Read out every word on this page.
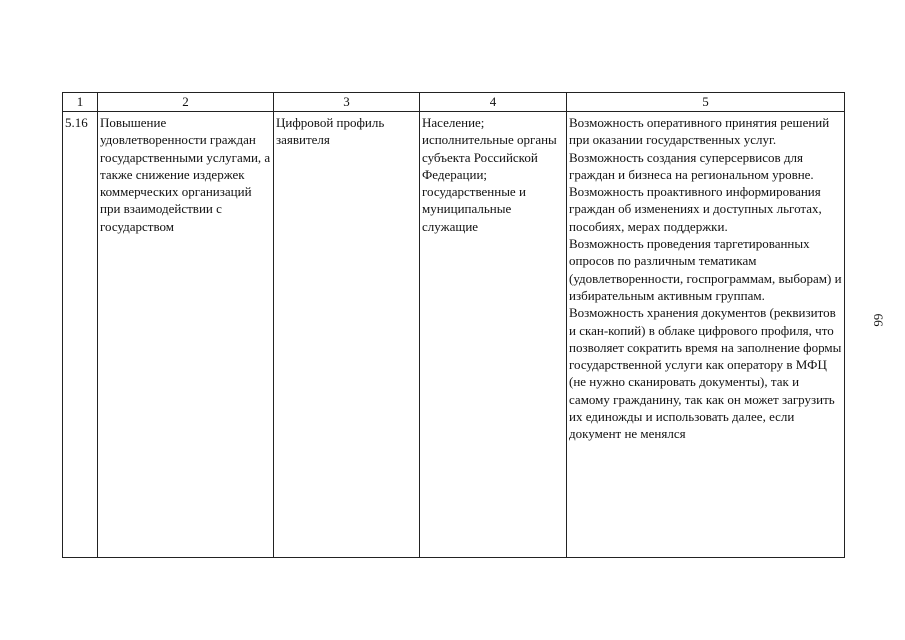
1	2	3	4	5
5.16	Повышение удовлетворенности граждан государственными услугами, а также снижение издержек коммерческих организаций при взаимодействии с государством	Цифровой профиль заявителя	Население; исполнительные органы субъекта Российской Федерации; государственные и муниципальные служащие	Возможность оперативного принятия решений при оказании государственных услуг.
Возможность создания суперсервисов для граждан и бизнеса на региональном уровне.
Возможность проактивного информирования граждан об изменениях и доступных льготах, пособиях, мерах поддержки.
Возможность проведения таргетированных опросов по различным тематикам (удовлетворенности, госпрограммам, выборам) и избирательным активным группам.
Возможность хранения документов (реквизитов и скан-копий) в облаке цифрового профиля, что позволяет сократить время на заполнение формы государственной услуги как оператору в МФЦ (не нужно сканировать документы), так и самому гражданину, так как он может загрузить их единожды и использовать далее, если документ не менялся
66
